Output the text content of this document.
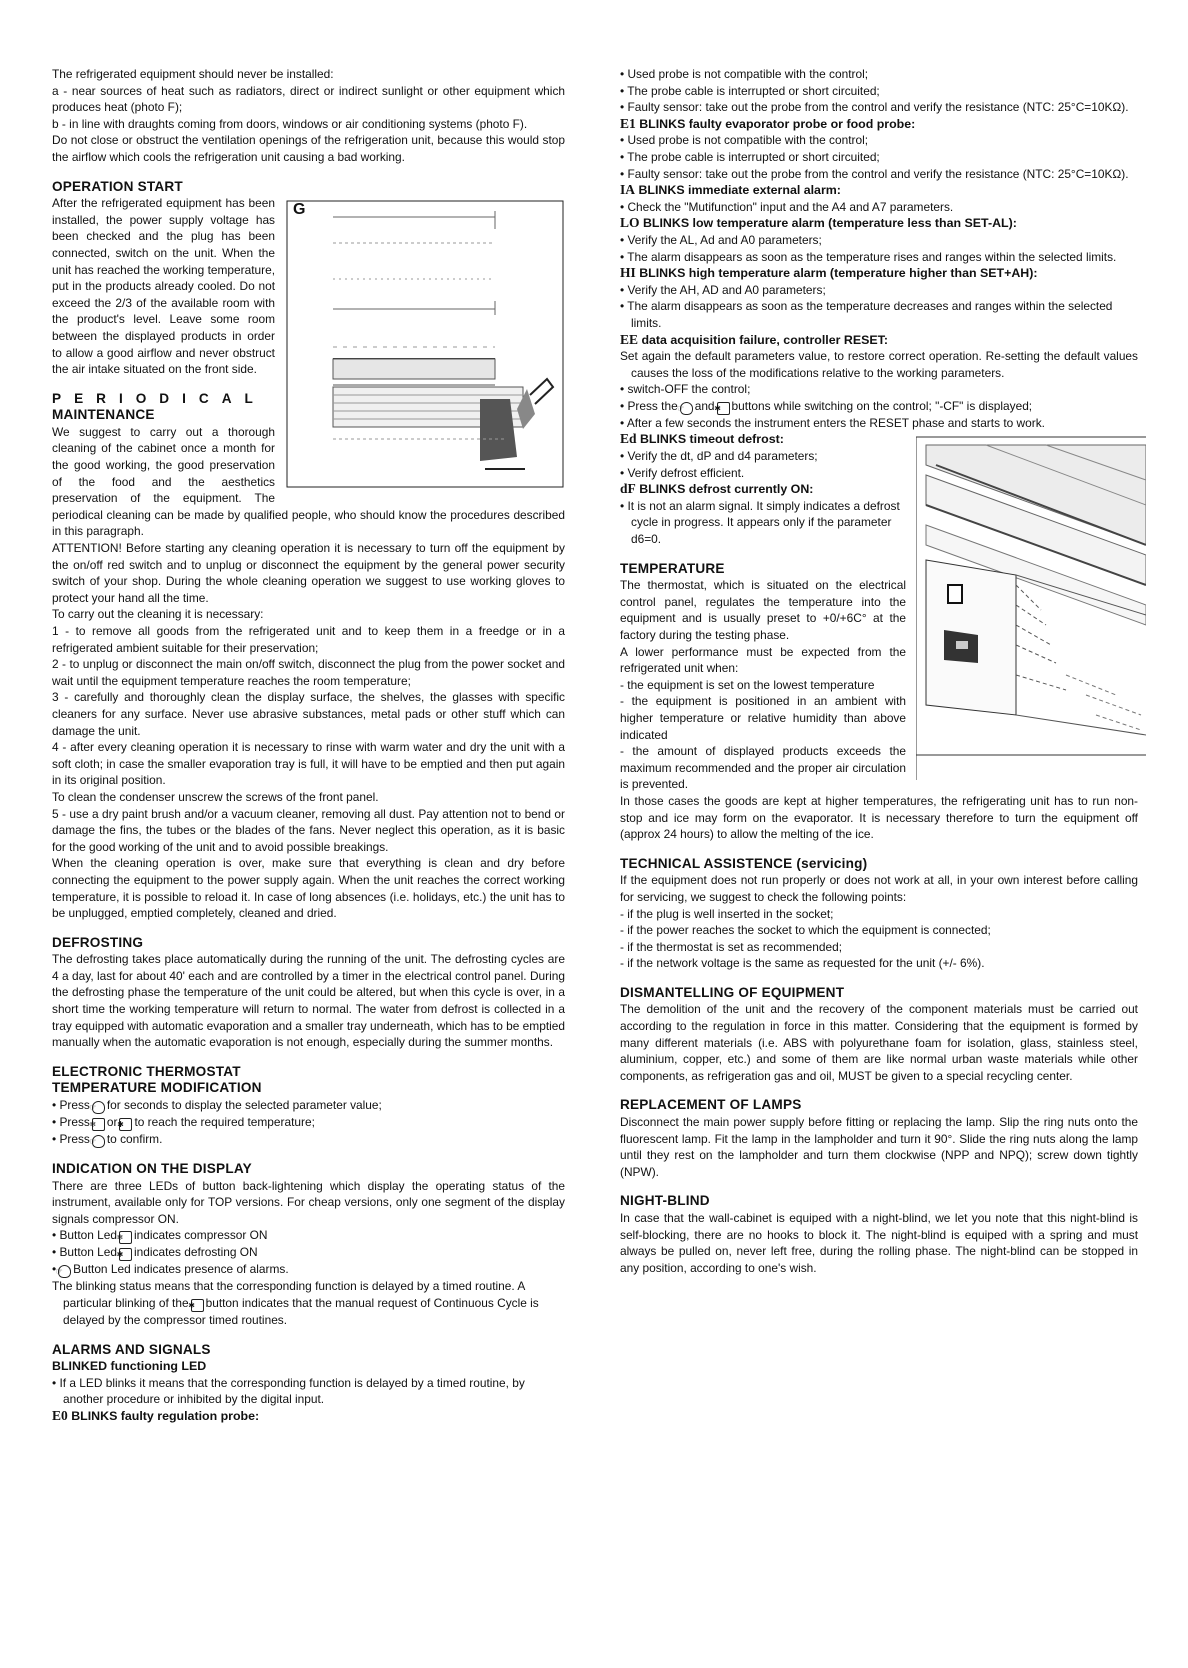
The refrigerated equipment should never be installed:

a - near sources of heat such as radiators, direct or indirect sunlight or other equipment which produces heat (photo F);

b - in line with draughts coming from doors, windows or air conditioning systems (photo F).

Do not close or obstruct the ventilation openings of the refrigeration unit, because this would stop the airflow which cools the refrigeration unit causing a bad working.

OPERATION START

G

After the refrigerated equipment has been installed, the power supply voltage has been checked and the plug has been connected, switch on the unit. When the unit has reached the working temperature, put in the products already cooled. Do not exceed the 2/3 of the available room with the product's level. Leave some room between the displayed products in order to allow a good airflow and never obstruct the air intake situated on the front side.

PERIODICAL
MAINTENANCE

We suggest to carry out a thorough cleaning of the cabinet once a month for the good working, the good preservation of the food and the aesthetics preservation of the equipment. The periodical cleaning can be made by qualified people, who should know the procedures described in this paragraph.

ATTENTION! Before starting any cleaning operation it is necessary to turn off the equipment by the on/off red switch and to unplug or disconnect the equipment by the general power security switch of your shop. During the whole cleaning operation we suggest to use working gloves to protect your hand all the time.

To carry out the cleaning it is necessary:

1 - to remove all goods from the refrigerated unit and to keep them in a freedge or in a refrigerated ambient suitable for their preservation;

2 - to unplug or disconnect the main on/off switch, disconnect the plug from the power socket and wait until the equipment temperature reaches the room temperature;

3 - carefully and thoroughly clean the display surface, the shelves, the glasses with specific cleaners for any surface. Never use abrasive substances, metal pads or other stuff which can damage the unit.

4 - after every cleaning operation it is necessary to rinse with warm water and dry the unit with a soft cloth; in case the smaller evaporation tray is full, it will have to be emptied and then put again in its original position.

To clean the condenser unscrew the screws of the front panel.

5 - use a dry paint brush and/or a vacuum cleaner, removing all dust. Pay attention not to bend or damage the fins, the tubes or the blades of the fans. Never neglect this operation, as it is basic for the good working of the unit and to avoid possible breakings.

When the cleaning operation is over, make sure that everything is clean and dry before connecting the equipment to the power supply again. When the unit reaches the correct working temperature, it is possible to reload it. In case of long absences (i.e. holidays, etc.) the unit has to be unplugged, emptied completely, cleaned and dried.

DEFROSTING

The defrosting takes place automatically during the running of the unit. The defrosting cycles are 4 a day, last for about 40' each and are controlled by a timer in the electrical control panel. During the defrosting phase the temperature of the unit could be altered, but when this cycle is over, in a short time the working temperature will return to normal. The water from defrost is collected in a tray equipped with automatic evaporation and a smaller tray underneath, which has to be emptied manually when the automatic evaporation is not enough, especially during the summer months.

ELECTRONIC THERMOSTAT
TEMPERATURE MODIFICATION

• Press☞ for seconds to display the selected parameter value;

• Press❄ or✱ to reach the required temperature;

• Press☞ to confirm.

INDICATION ON THE DISPLAY

There are three LEDs of button back-lightening which display the operating status of the instrument, available only for TOP versions. For cheap versions, only one segment of the display signals compressor ON.

• Button Led❄ indicates compressor ON

• Button Led✱ indicates defrosting ON

•☞ Button Led indicates presence of alarms.

The blinking status means that the corresponding function is delayed by a timed routine. A particular blinking of the✱ button indicates that the manual request of Continuous Cycle is delayed by the compressor timed routines.

ALARMS AND SIGNALS

BLINKED functioning LED

• If a LED blinks it means that the corresponding function is delayed by a timed routine, by another procedure or inhibited by the digital input.

E0 BLINKS faulty regulation probe:

• Used probe is not compatible with the control;

• The probe cable is interrupted or short circuited;

• Faulty sensor: take out the probe from the control and verify the resistance (NTC: 25°C=10KΩ).

E1 BLINKS faulty evaporator probe or food probe:

• Used probe is not compatible with the control;

• The probe cable is interrupted or short circuited;

• Faulty sensor: take out the probe from the control and verify the resistance (NTC: 25°C=10KΩ).

IA BLINKS immediate external alarm:

• Check the "Mutifunction" input and the A4 and A7 parameters.

LO BLINKS low temperature alarm (temperature less than SET-AL):

• Verify the AL, Ad and A0 parameters;

• The alarm disappears as soon as the temperature rises and ranges within the selected limits.

HI BLINKS high temperature alarm (temperature higher than SET+AH):

• Verify the AH, AD and A0 parameters;

• The alarm disappears as soon as the temperature decreases and ranges within the selected limits.

EE data acquisition failure, controller RESET:

Set again the default parameters value, to restore correct operation. Re-setting the default values causes the loss of the modifications relative to the working parameters.

• switch-OFF the control;

• Press the☞ and✱ buttons while switching on the control; "-CF" is displayed;

• After a few seconds the instrument enters the RESET phase and starts to work.

Ed BLINKS timeout defrost:

• Verify the dt, dP and d4 parameters;

• Verify defrost efficient.

dF BLINKS defrost currently ON:

• It is not an alarm signal. It simply indicates a defrost cycle in progress. It appears only if the parameter d6=0.

TEMPERATURE

The thermostat, which is situated on the electrical control panel, regulates the temperature into the equipment and is usually preset to +0/+6C° at the factory during the testing phase.

A lower performance must be expected from the refrigerated unit when:

- the equipment is set on the lowest temperature

- the equipment is positioned in an ambient with higher temperature or relative humidity than above indicated

- the amount of displayed products exceeds the maximum recommended and the proper air circulation is prevented.

In those cases the goods are kept at higher temperatures, the refrigerating unit has to run non-stop and ice may form on the evaporator. It is necessary therefore to turn the equipment off (approx 24 hours) to allow the melting of the ice.

TECHNICAL ASSISTENCE (servicing)

If the equipment does not run properly or does not work at all, in your own interest before calling for servicing, we suggest to check the following points:

- if the plug is well inserted in the socket;

- if the power reaches the socket to which the equipment is connected;

- if the thermostat is set as recommended;

- if the network voltage is the same as requested for the unit (+/- 6%).

DISMANTELLING OF EQUIPMENT

The demolition of the unit and the recovery of the component materials must be carried out according to the regulation in force in this matter. Considering that the equipment is formed by many different materials (i.e. ABS with polyurethane foam for isolation, glass, stainless steel, aluminium, copper, etc.) and some of them are like normal urban waste materials while other components, as refrigeration gas and oil, MUST be given to a special recycling center.

REPLACEMENT OF LAMPS

Disconnect the main power supply before fitting or replacing the lamp. Slip the ring nuts onto the fluorescent lamp. Fit the lamp in the lampholder and turn it 90°. Slide the ring nuts along the lamp until they rest on the lampholder and turn them clockwise (NPP and NPQ); screw down tightly (NPW).

NIGHT-BLIND

In case that the wall-cabinet is equiped with a night-blind, we let you note that this night-blind is self-blocking, there are no hooks to block it. The night-blind is equiped with a spring and must always be pulled on, never left free, during the rolling phase. The night-blind can be stopped in any position, according to one's wish.
